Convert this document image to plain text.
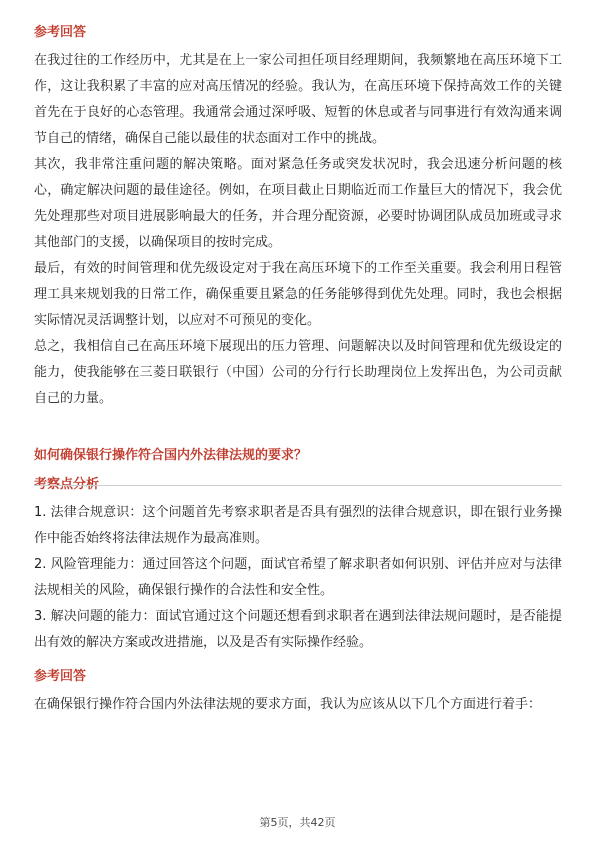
参考回答

在我过往的工作经历中，尤其是在上一家公司担任项目经理期间，我频繁地在高压环境下工作，这让我积累了丰富的应对高压情况的经验。我认为，在高压环境下保持高效工作的关键首先在于良好的心态管理。我通常会通过深呼吸、短暂的休息或者与同事进行有效沟通来调节自己的情绪，确保自己能以最佳的状态面对工作中的挑战。

其次，我非常注重问题的解决策略。面对紧急任务或突发状况时，我会迅速分析问题的核心，确定解决问题的最佳途径。例如，在项目截止日期临近而工作量巨大的情况下，我会优先处理那些对项目进展影响最大的任务，并合理分配资源，必要时协调团队成员加班或寻求其他部门的支援，以确保项目的按时完成。

最后，有效的时间管理和优先级设定对于我在高压环境下的工作至关重要。我会利用日程管理工具来规划我的日常工作，确保重要且紧急的任务能够得到优先处理。同时，我也会根据实际情况灵活调整计划，以应对不可预见的变化。

总之，我相信自己在高压环境下展现出的压力管理、问题解决以及时间管理和优先级设定的能力，使我能够在三菱日联银行（中国）公司的分行行长助理岗位上发挥出色，为公司贡献自己的力量。

如何确保银行操作符合国内外法律法规的要求？

考察点分析

1. 法律合规意识：这个问题首先考察求职者是否具有强烈的法律合规意识，即在银行业务操作中能否始终将法律法规作为最高准则。

2. 风险管理能力：通过回答这个问题，面试官希望了解求职者如何识别、评估并应对与法律法规相关的风险，确保银行操作的合法性和安全性。

3. 解决问题的能力：面试官通过这个问题还想看到求职者在遇到法律法规问题时，是否能提出有效的解决方案或改进措施，以及是否有实际操作经验。

参考回答

在确保银行操作符合国内外法律法规的要求方面，我认为应该从以下几个方面进行着手：

第5页，共42页
